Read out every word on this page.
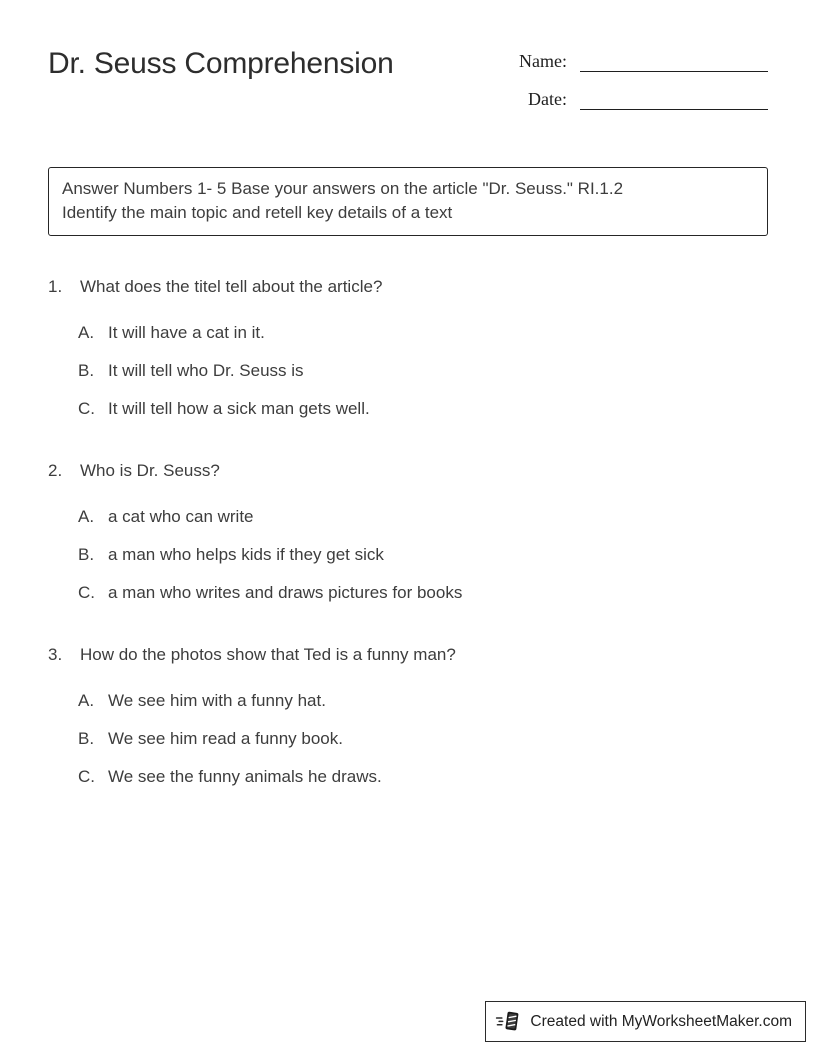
Dr. Seuss Comprehension	Name:
Date:
Answer Numbers 1- 5 Base your answers on the article "Dr. Seuss." RI.1.2
Identify the main topic and retell key details of a text
1.	What does the titel tell about the article?
A. It will have a cat in it.
B. It will tell who Dr. Seuss is
C. It will tell how a sick man gets well.
2.	Who is Dr. Seuss?
A. a cat who can write
B. a man who helps kids if they get sick
C. a man who writes and draws pictures for books
3.	How do the photos show that Ted is a funny man?
A. We see him with a funny hat.
B. We see him read a funny book.
C. We see the funny animals he draws.
Created with MyWorksheetMaker.com
